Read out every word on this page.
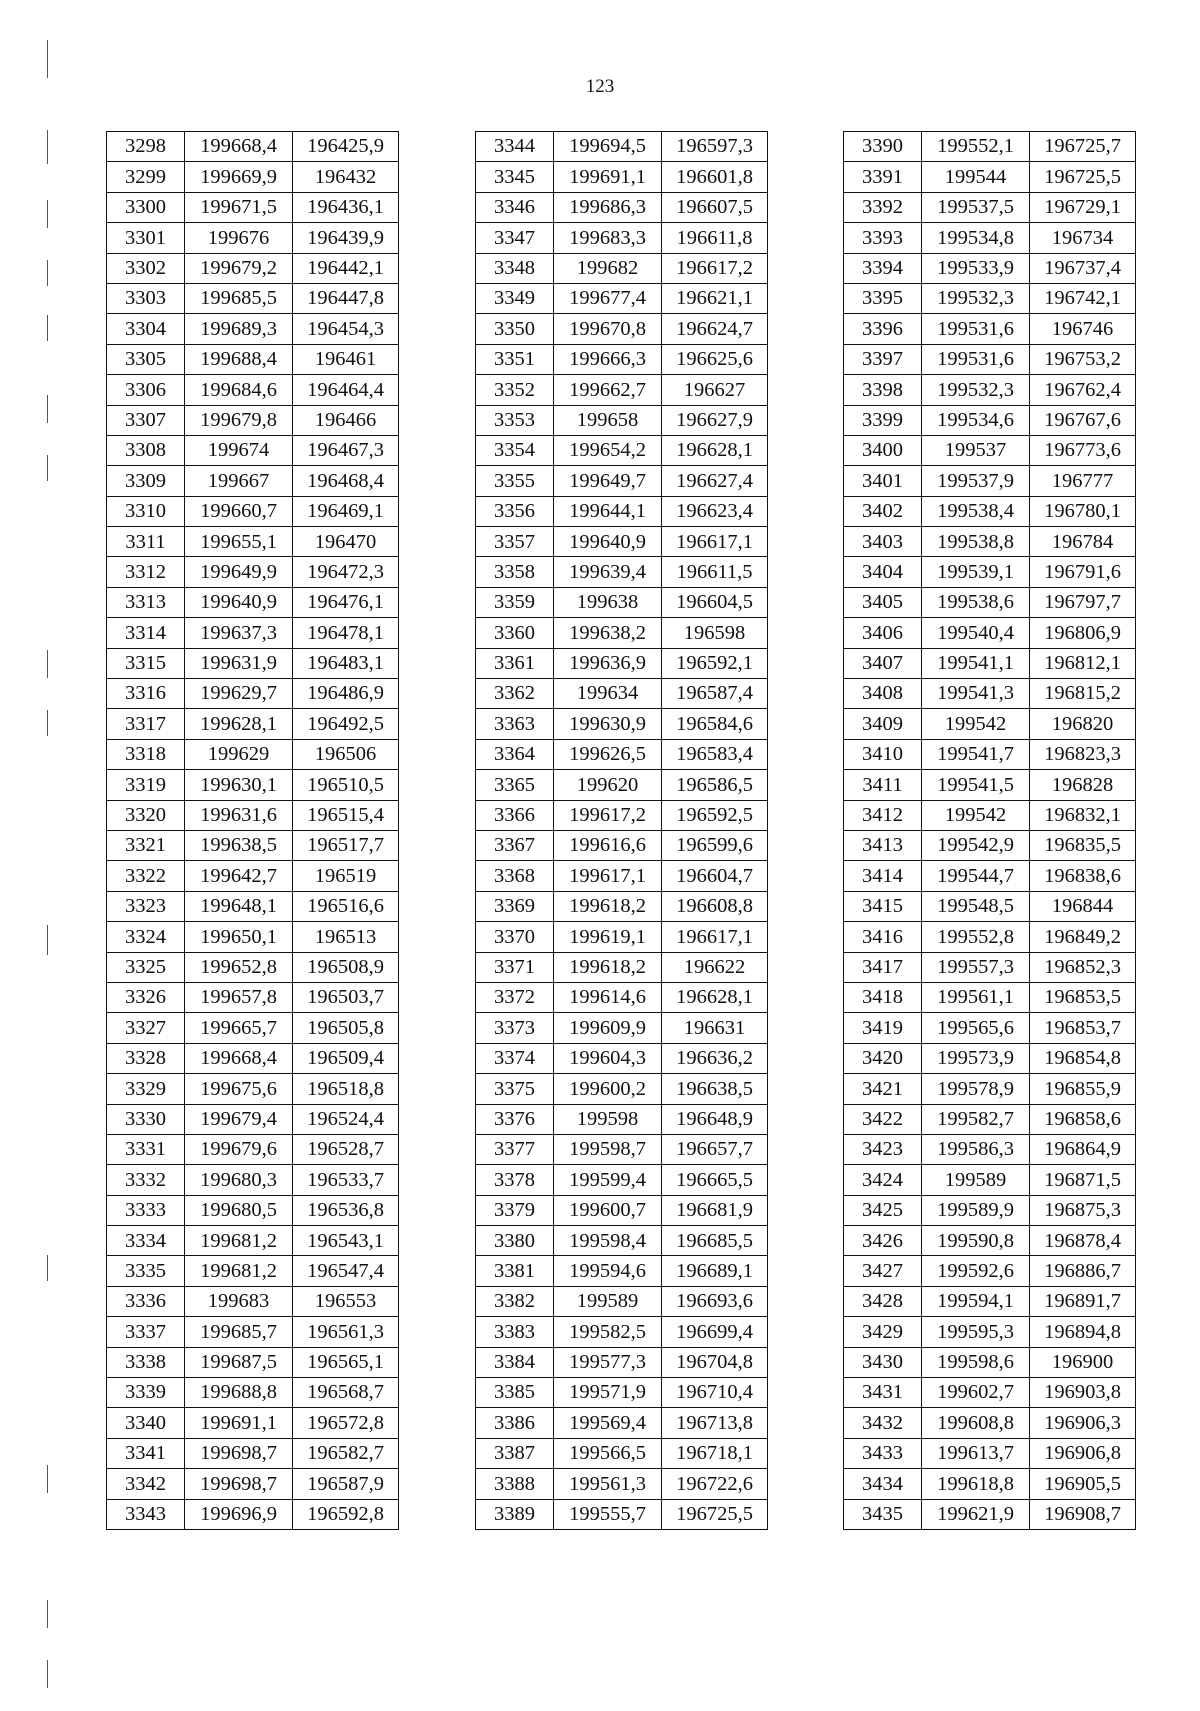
123
3298	199668,4	196425,9
3299	199669,9	196432
3300	199671,5	196436,1
3301	199676	196439,9
3302	199679,2	196442,1
3303	199685,5	196447,8
3304	199689,3	196454,3
3305	199688,4	196461
3306	199684,6	196464,4
3307	199679,8	196466
3308	199674	196467,3
3309	199667	196468,4
3310	199660,7	196469,1
3311	199655,1	196470
3312	199649,9	196472,3
3313	199640,9	196476,1
3314	199637,3	196478,1
3315	199631,9	196483,1
3316	199629,7	196486,9
3317	199628,1	196492,5
3318	199629	196506
3319	199630,1	196510,5
3320	199631,6	196515,4
3321	199638,5	196517,7
3322	199642,7	196519
3323	199648,1	196516,6
3324	199650,1	196513
3325	199652,8	196508,9
3326	199657,8	196503,7
3327	199665,7	196505,8
3328	199668,4	196509,4
3329	199675,6	196518,8
3330	199679,4	196524,4
3331	199679,6	196528,7
3332	199680,3	196533,7
3333	199680,5	196536,8
3334	199681,2	196543,1
3335	199681,2	196547,4
3336	199683	196553
3337	199685,7	196561,3
3338	199687,5	196565,1
3339	199688,8	196568,7
3340	199691,1	196572,8
3341	199698,7	196582,7
3342	199698,7	196587,9
3343	199696,9	196592,8
3344	199694,5	196597,3
3345	199691,1	196601,8
3346	199686,3	196607,5
3347	199683,3	196611,8
3348	199682	196617,2
3349	199677,4	196621,1
3350	199670,8	196624,7
3351	199666,3	196625,6
3352	199662,7	196627
3353	199658	196627,9
3354	199654,2	196628,1
3355	199649,7	196627,4
3356	199644,1	196623,4
3357	199640,9	196617,1
3358	199639,4	196611,5
3359	199638	196604,5
3360	199638,2	196598
3361	199636,9	196592,1
3362	199634	196587,4
3363	199630,9	196584,6
3364	199626,5	196583,4
3365	199620	196586,5
3366	199617,2	196592,5
3367	199616,6	196599,6
3368	199617,1	196604,7
3369	199618,2	196608,8
3370	199619,1	196617,1
3371	199618,2	196622
3372	199614,6	196628,1
3373	199609,9	196631
3374	199604,3	196636,2
3375	199600,2	196638,5
3376	199598	196648,9
3377	199598,7	196657,7
3378	199599,4	196665,5
3379	199600,7	196681,9
3380	199598,4	196685,5
3381	199594,6	196689,1
3382	199589	196693,6
3383	199582,5	196699,4
3384	199577,3	196704,8
3385	199571,9	196710,4
3386	199569,4	196713,8
3387	199566,5	196718,1
3388	199561,3	196722,6
3389	199555,7	196725,5
3390	199552,1	196725,7
3391	199544	196725,5
3392	199537,5	196729,1
3393	199534,8	196734
3394	199533,9	196737,4
3395	199532,3	196742,1
3396	199531,6	196746
3397	199531,6	196753,2
3398	199532,3	196762,4
3399	199534,6	196767,6
3400	199537	196773,6
3401	199537,9	196777
3402	199538,4	196780,1
3403	199538,8	196784
3404	199539,1	196791,6
3405	199538,6	196797,7
3406	199540,4	196806,9
3407	199541,1	196812,1
3408	199541,3	196815,2
3409	199542	196820
3410	199541,7	196823,3
3411	199541,5	196828
3412	199542	196832,1
3413	199542,9	196835,5
3414	199544,7	196838,6
3415	199548,5	196844
3416	199552,8	196849,2
3417	199557,3	196852,3
3418	199561,1	196853,5
3419	199565,6	196853,7
3420	199573,9	196854,8
3421	199578,9	196855,9
3422	199582,7	196858,6
3423	199586,3	196864,9
3424	199589	196871,5
3425	199589,9	196875,3
3426	199590,8	196878,4
3427	199592,6	196886,7
3428	199594,1	196891,7
3429	199595,3	196894,8
3430	199598,6	196900
3431	199602,7	196903,8
3432	199608,8	196906,3
3433	199613,7	196906,8
3434	199618,8	196905,5
3435	199621,9	196908,7
